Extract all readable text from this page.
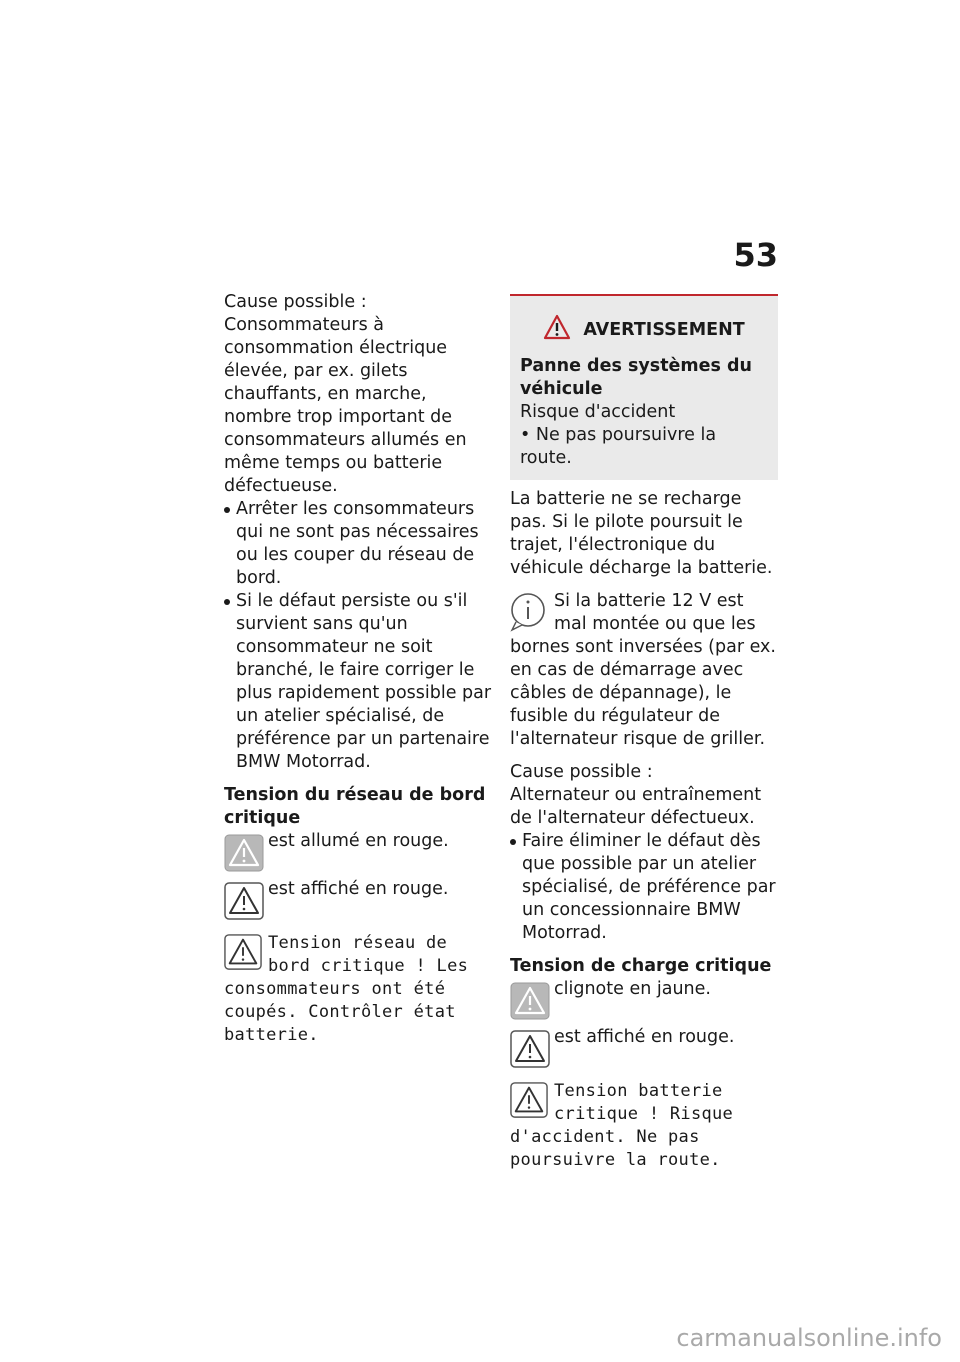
53

Cause possible :

Consommateurs à consommation électrique élevée, par ex. gilets chauffants, en marche, nombre trop important de consommateurs allumés en même temps ou batterie défectueuse.

Arrêter les consommateurs qui ne sont pas nécessaires ou les couper du réseau de bord.

Si le défaut persiste ou s'il survient sans qu'un consommateur ne soit branché, le faire corriger le plus rapidement possible par un atelier spécialisé, de préférence par un partenaire BMW Motorrad.

Tension du réseau de bord critique

est allumé en rouge.
est affiché en rouge.

Tension réseau de bord critique ! Les consommateurs ont été coupés. Contrôler état batterie.

AVERTISSEMENT

Panne des systèmes du véhicule

Risque d'accident

• Ne pas poursuivre la route.

La batterie ne se recharge pas. Si le pilote poursuit le trajet, l'électronique du véhicule décharge la batterie.

Si la batterie 12 V est mal montée ou que les bornes sont inversées (par ex. en cas de démarrage avec câbles de dépannage), le fusible du régulateur de l'alternateur risque de griller.

Cause possible :

Alternateur ou entraînement de l'alternateur défectueux.

Faire éliminer le défaut dès que possible par un atelier spécialisé, de préférence par un concessionnaire BMW Motorrad.

Tension de charge critique

clignote en jaune.
est affiché en rouge.

Tension batterie critique ! Risque d'accident. Ne pas poursuivre la route.

carmanualsonline.info
